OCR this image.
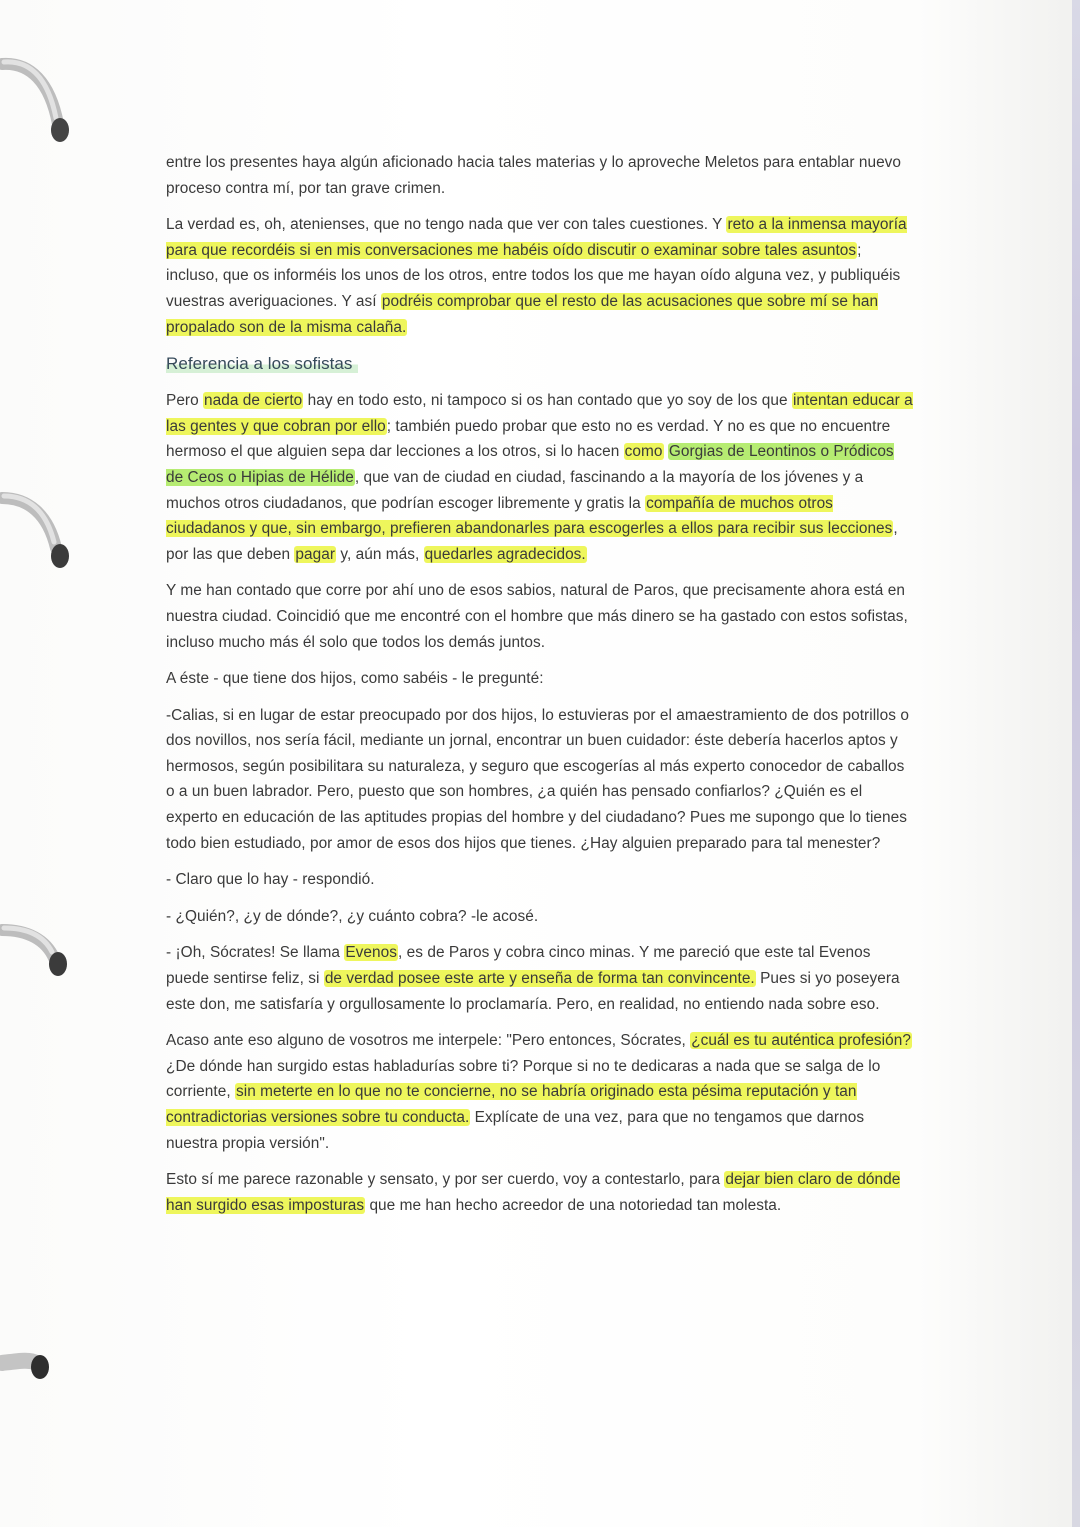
entre los presentes haya algún aficionado hacia tales materias y lo aproveche Meletos para entablar nuevo proceso contra mí, por tan grave crimen.

La verdad es, oh, atenienses, que no tengo nada que ver con tales cuestiones. Y reto a la inmensa mayoría para que recordéis si en mis conversaciones me habéis oído discutir o examinar sobre tales asuntos; incluso, que os informéis los unos de los otros, entre todos los que me hayan oído alguna vez, y publiquéis vuestras averiguaciones. Y así podréis comprobar que el resto de las acusaciones que sobre mí se han propalado son de la misma calaña.

Referencia a los sofistas

Pero nada de cierto hay en todo esto, ni tampoco si os han contado que yo soy de los que intentan educar a las gentes y que cobran por ello; también puedo probar que esto no es verdad. Y no es que no encuentre hermoso el que alguien sepa dar lecciones a los otros, si lo hacen como Gorgias de Leontinos o Pródicos de Ceos o Hipias de Hélide, que van de ciudad en ciudad, fascinando a la mayoría de los jóvenes y a muchos otros ciudadanos, que podrían escoger libremente y gratis la compañía de muchos otros ciudadanos y que, sin embargo, prefieren abandonarles para escogerles a ellos para recibir sus lecciones, por las que deben pagar y, aún más, quedarles agradecidos.

Y me han contado que corre por ahí uno de esos sabios, natural de Paros, que precisamente ahora está en nuestra ciudad. Coincidió que me encontré con el hombre que más dinero se ha gastado con estos sofistas, incluso mucho más él solo que todos los demás juntos.

A éste - que tiene dos hijos, como sabéis - le pregunté:

-Calias, si en lugar de estar preocupado por dos hijos, lo estuvieras por el amaestramiento de dos potrillos o dos novillos, nos sería fácil, mediante un jornal, encontrar un buen cuidador: éste debería hacerlos aptos y hermosos, según posibilitara su naturaleza, y seguro que escogerías al más experto conocedor de caballos o a un buen labrador. Pero, puesto que son hombres, ¿a quién has pensado confiarlos? ¿Quién es el experto en educación de las aptitudes propias del hombre y del ciudadano? Pues me supongo que lo tienes todo bien estudiado, por amor de esos dos hijos que tienes. ¿Hay alguien preparado para tal menester?

- Claro que lo hay - respondió.

- ¿Quién?, ¿y de dónde?, ¿y cuánto cobra? -le acosé.

- ¡Oh, Sócrates! Se llama Evenos, es de Paros y cobra cinco minas. Y me pareció que este tal Evenos puede sentirse feliz, si de verdad posee este arte y enseña de forma tan convincente. Pues si yo poseyera este don, me satisfaría y orgullosamente lo proclamaría. Pero, en realidad, no entiendo nada sobre eso.

Acaso ante eso alguno de vosotros me interpele: "Pero entonces, Sócrates, ¿cuál es tu auténtica profesión? ¿De dónde han surgido estas habladurías sobre ti? Porque si no te dedicaras a nada que se salga de lo corriente, sin meterte en lo que no te concierne, no se habría originado esta pésima reputación y tan contradictorias versiones sobre tu conducta. Explícate de una vez, para que no tengamos que darnos nuestra propia versión".

Esto sí me parece razonable y sensato, y por ser cuerdo, voy a contestarlo, para dejar bien claro de dónde han surgido esas imposturas que me han hecho acreedor de una notoriedad tan molesta.
